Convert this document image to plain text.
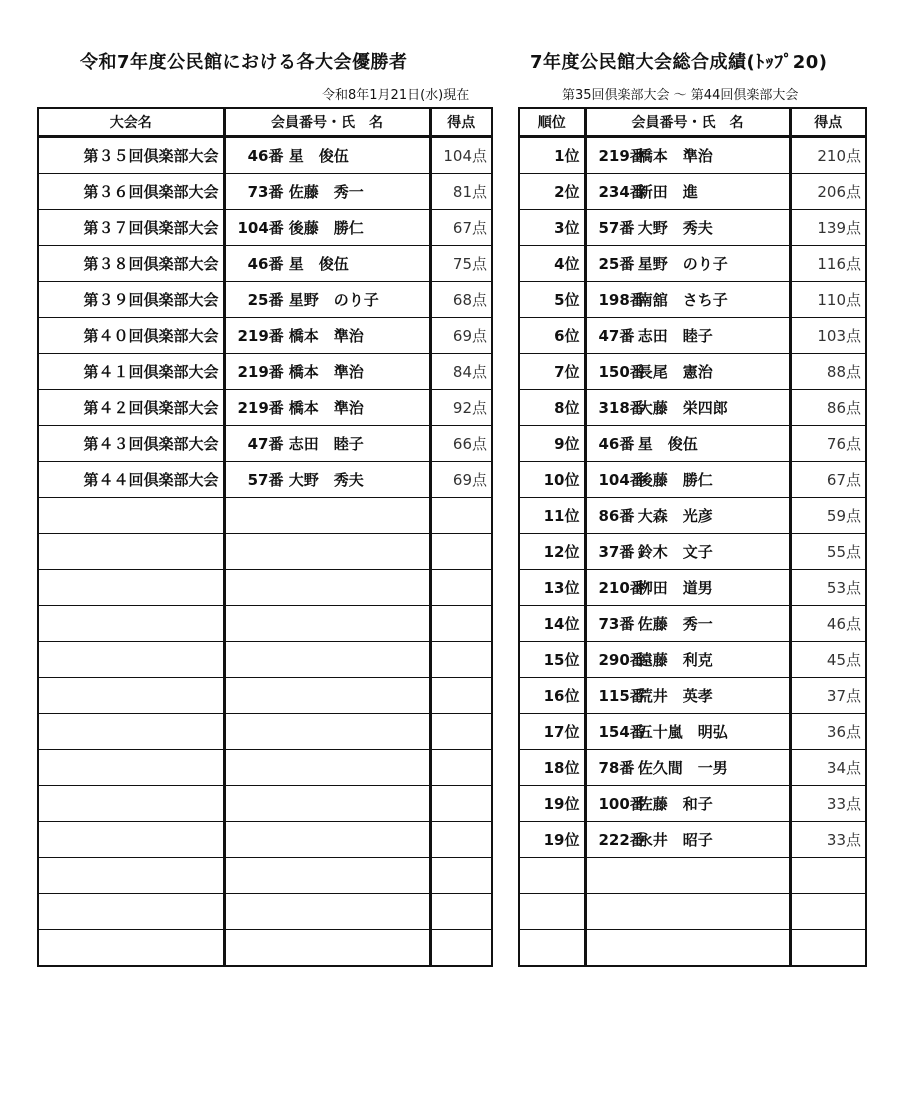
令和7年度公民館における各大会優勝者
令和8年1月21日(水)現在
7年度公民館大会総合成績(ﾄｯﾌﾟ20)
第35回倶楽部大会 〜 第44回倶楽部大会
大会名	会員番号・氏　名	得点
第３５回倶楽部大会	46番 星　俊伍	104点
第３６回倶楽部大会	73番 佐藤　秀一	81点
第３７回倶楽部大会	104番 後藤　勝仁	67点
第３８回倶楽部大会	46番 星　俊伍	75点
第３９回倶楽部大会	25番 星野　のり子	68点
第４０回倶楽部大会	219番 橋本　準治	69点
第４１回倶楽部大会	219番 橋本　準治	84点
第４２回倶楽部大会	219番 橋本　準治	92点
第４３回倶楽部大会	47番 志田　睦子	66点
第４４回倶楽部大会	57番 大野　秀夫	69点

順位	会員番号・氏　名	得点
1位	219番 橋本　準治	210点
2位	234番 新田　進	206点
3位	57番 大野　秀夫	139点
4位	25番 星野　のり子	116点
5位	198番 南舘　さち子	110点
6位	47番 志田　睦子	103点
7位	150番 長尾　憲治	88点
8位	318番 大藤　栄四郎	86点
9位	46番 星　俊伍	76点
10位	104番 後藤　勝仁	67点
11位	86番 大森　光彦	59点
12位	37番 鈴木　文子	55点
13位	210番 栁田　道男	53点
14位	73番 佐藤　秀一	46点
15位	290番 遠藤　利克	45点
16位	115番 荒井　英孝	37点
17位	154番 五十嵐　明弘	36点
18位	78番 佐久間　一男	34点
19位	100番 佐藤　和子	33点
19位	222番 永井　昭子	33点
